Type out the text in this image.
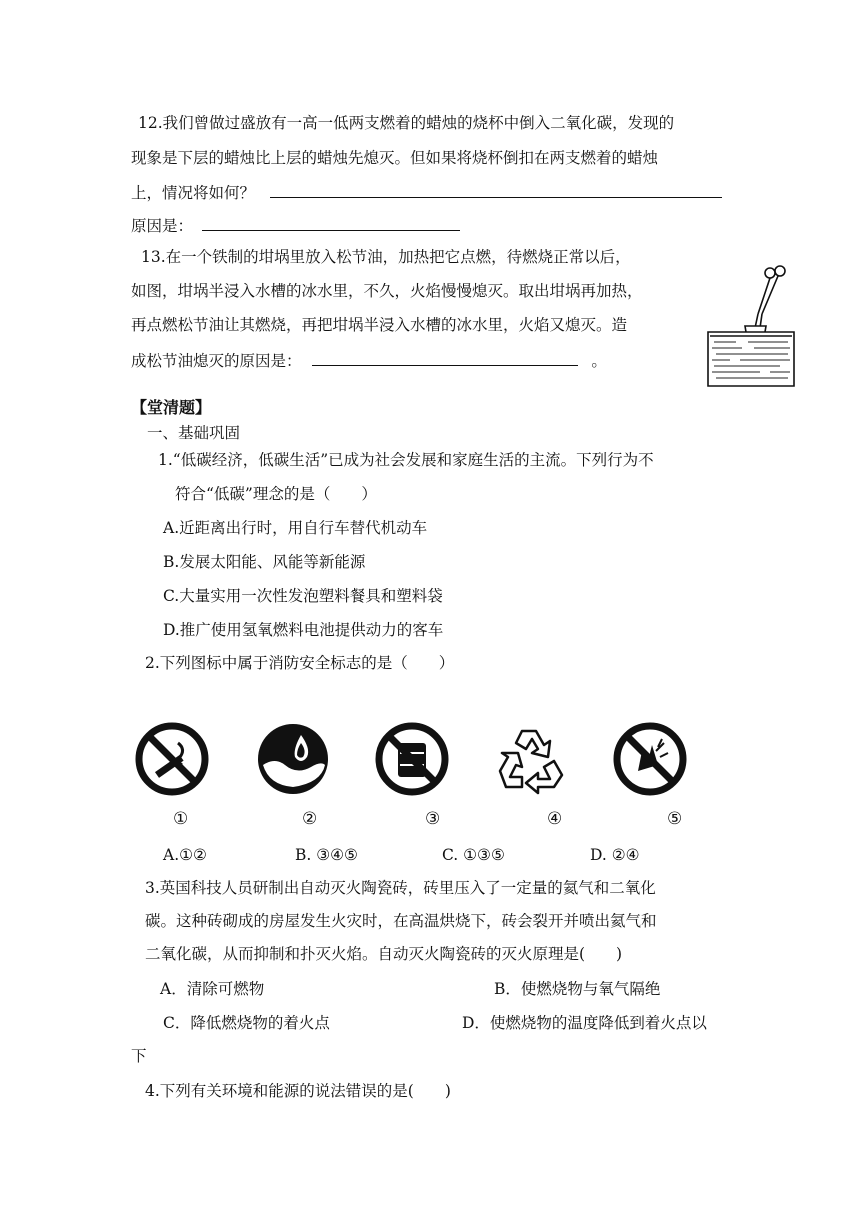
12.我们曾做过盛放有一高一低两支燃着的蜡烛的烧杯中倒入二氧化碳，发现的
现象是下层的蜡烛比上层的蜡烛先熄灭。但如果将烧杯倒扣在两支燃着的蜡烛
上，情况将如何？
原因是：
13.在一个铁制的坩埚里放入松节油，加热把它点燃，待燃烧正常以后，
如图，坩埚半浸入水槽的冰水里，不久，火焰慢慢熄灭。取出坩埚再加热，
再点燃松节油让其燃烧，再把坩埚半浸入水槽的冰水里，火焰又熄灭。造
成松节油熄灭的原因是：	。
【堂清题】
一、基础巩固
1.“低碳经济，低碳生活”已成为社会发展和家庭生活的主流。下列行为不
符合“低碳”理念的是（　　）
A.近距离出行时，用自行车替代机动车
B.发展太阳能、风能等新能源
C.大量实用一次性发泡塑料餐具和塑料袋
D.推广使用氢氧燃料电池提供动力的客车
2.下列图标中属于消防安全标志的是（　　）
①	②	③	④	⑤
A.①②	B. ③④⑤	C. ①③⑤	D. ②④
3.英国科技人员研制出自动灭火陶瓷砖，砖里压入了一定量的氦气和二氧化
碳。这种砖砌成的房屋发生火灾时，在高温烘烧下，砖会裂开并喷出氦气和
二氧化碳，从而抑制和扑灭火焰。自动灭火陶瓷砖的灭火原理是(　　)
A．清除可燃物	B．使燃烧物与氧气隔绝
C．降低燃烧物的着火点	D．使燃烧物的温度降低到着火点以
下
4.下列有关环境和能源的说法错误的是(　　)
